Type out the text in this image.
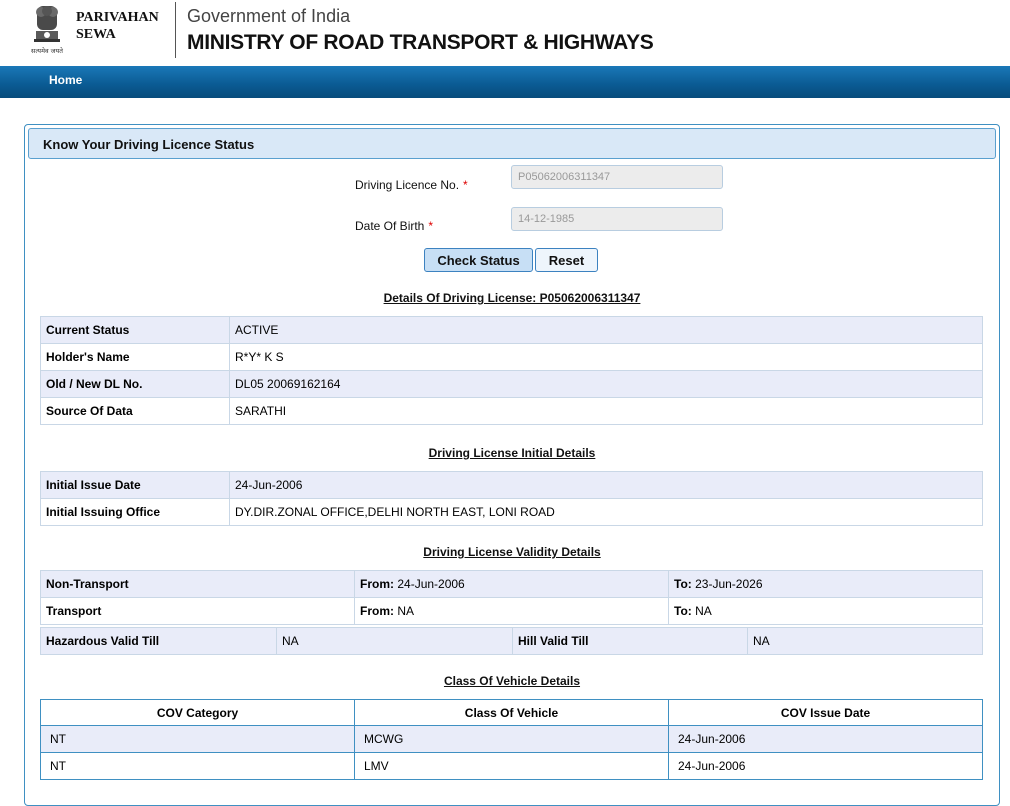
सत्यमेव जयते
PARIVAHAN
SEWA
Government of India
MINISTRY OF ROAD TRANSPORT & HIGHWAYS
Home
Know Your Driving Licence Status
Driving Licence No. *
P05062006311347
Date Of Birth *
14-12-1985
Check Status	Reset
Details Of Driving License: P05062006311347
Current Status	ACTIVE
Holder's Name	R*Y* K S
Old / New DL No.	DL05 20069162164
Source Of Data	SARATHI
Driving License Initial Details
Initial Issue Date	24-Jun-2006
Initial Issuing Office	DY.DIR.ZONAL OFFICE,DELHI NORTH EAST, LONI ROAD
Driving License Validity Details
Non-Transport	From: 24-Jun-2006	To: 23-Jun-2026
Transport	From: NA	To: NA
Hazardous Valid Till	NA	Hill Valid Till	NA
Class Of Vehicle Details
COV Category	Class Of Vehicle	COV Issue Date
NT	MCWG	24-Jun-2006
NT	LMV	24-Jun-2006
